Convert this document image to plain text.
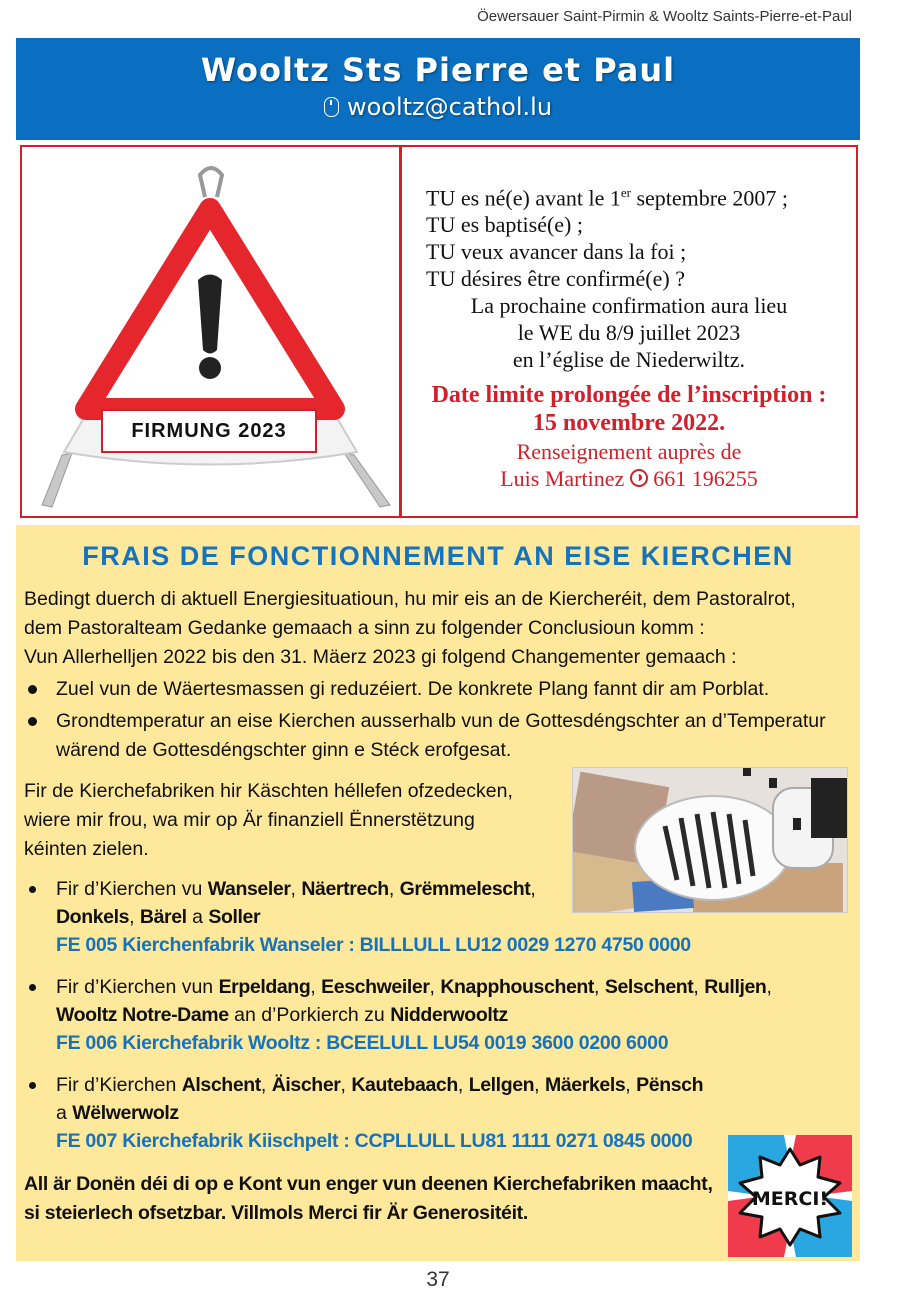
Öewersauer Saint-Pirmin & Wooltz Saints-Pierre-et-Paul
Wooltz Sts Pierre et Paul
wooltz@cathol.lu
FIRMUNG 2023
TU es né(e) avant le 1er septembre 2007 ;
TU es baptisé(e) ;
TU veux avancer dans la foi ;
TU désires être confirmé(e) ?
La prochaine confirmation aura lieu
le WE du 8/9 juillet 2023
en l’église de Niederwiltz.
Date limite prolongée de l’inscription :
15 novembre 2022.
Renseignement auprès de
Luis Martinez 661 196255
FRAIS DE FONCTIONNEMENT AN EISE KIERCHEN
Bedingt duerch di aktuell Energiesituatioun, hu mir eis an de Kiercheréit, dem Pastoralrot,
dem Pastoralteam Gedanke gemaach a sinn zu folgender Conclusioun komm :
Vun Allerhelljen 2022 bis den 31. Mäerz 2023 gi folgend Changementer gemaach :
Zuel vun de Wäertesmassen gi reduzéiert. De konkrete Plang fannt dir am Porblat.
Grondtemperatur an eise Kierchen ausserhalb vun de Gottesdéngschter an d’Temperatur wärend de Gottesdéngschter ginn e Stéck erofgesat.
Fir de Kierchefabriken hir Käschten héllefen ofzedecken,
wiere mir frou, wa mir op Är finanziell Ënnerstëtzung
kéinten zielen.
Fir d’Kierchen vu Wanseler, Näertrech, Grëmmelescht,
Donkels, Bärel a Soller
FE 005 Kierchenfabrik Wanseler : BILLLULL LU12 0029 1270 4750 0000
Fir d’Kierchen vun Erpeldang, Eeschweiler, Knapphouschent, Selschent, Rulljen,
Wooltz Notre-Dame an d’Porkierch zu Nidderwooltz
FE 006 Kierchefabrik Wooltz : BCEELULL LU54 0019 3600 0200 6000
Fir d’Kierchen Alschent, Äischer, Kautebaach, Lellgen, Mäerkels, Pënsch
a Wëlwerwolz
FE 007 Kierchefabrik Kiischpelt : CCPLLULL LU81 1111 0271 0845 0000
All är Donën déi di op e Kont vun enger vun deenen Kierchefabriken maacht,
si steierlech ofsetzbar. Villmols Merci fir Är Generositéit.
MERCI!
37
